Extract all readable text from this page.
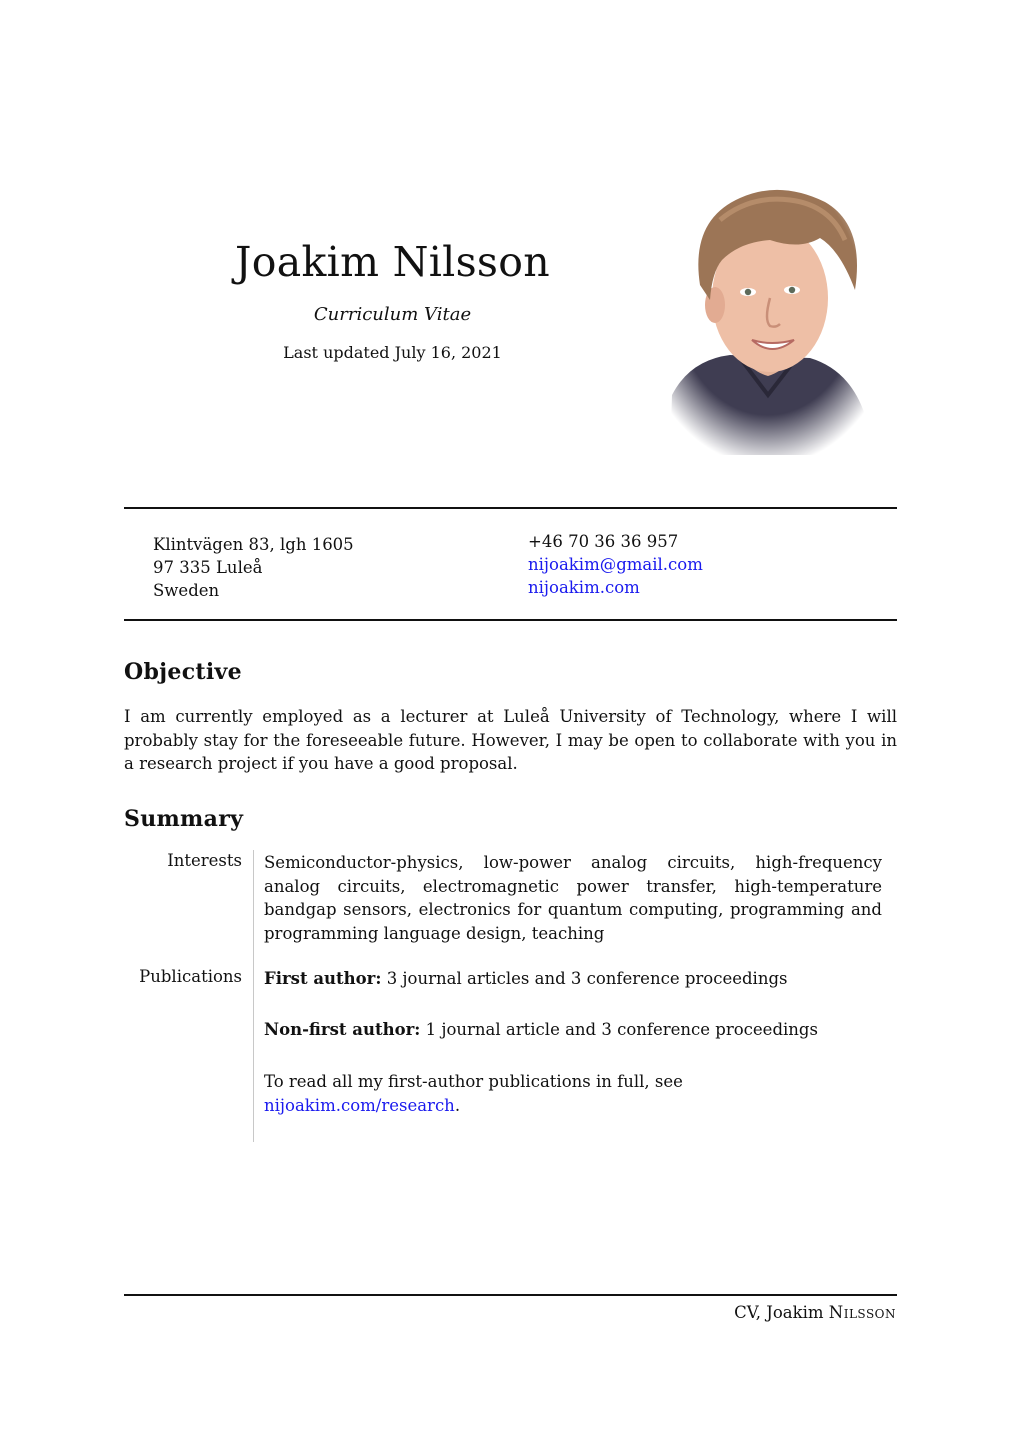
Joakim Nilsson
Curriculum Vitae
Last updated July 16, 2021
Klintvägen 83, lgh 1605
97 335 Luleå
Sweden
+46 70 36 36 957
nijoakim@gmail.com
nijoakim.com
Objective
I am currently employed as a lecturer at Luleå University of Technology, where I will probably stay for the foreseeable future. However, I may be open to collaborate with you in a research project if you have a good proposal.
Summary
Interests Semiconductor-physics, low-power analog circuits, high-frequency analog circuits, electromagnetic power transfer, high-temperature bandgap sensors, electronics for quantum computing, programming and programming language design, teaching
Publications First author: 3 journal articles and 3 conference proceedings
Non-first author: 1 journal article and 3 conference proceedings
To read all my first-author publications in full, see
nijoakim.com/research.
CV, Joakim Nilsson
